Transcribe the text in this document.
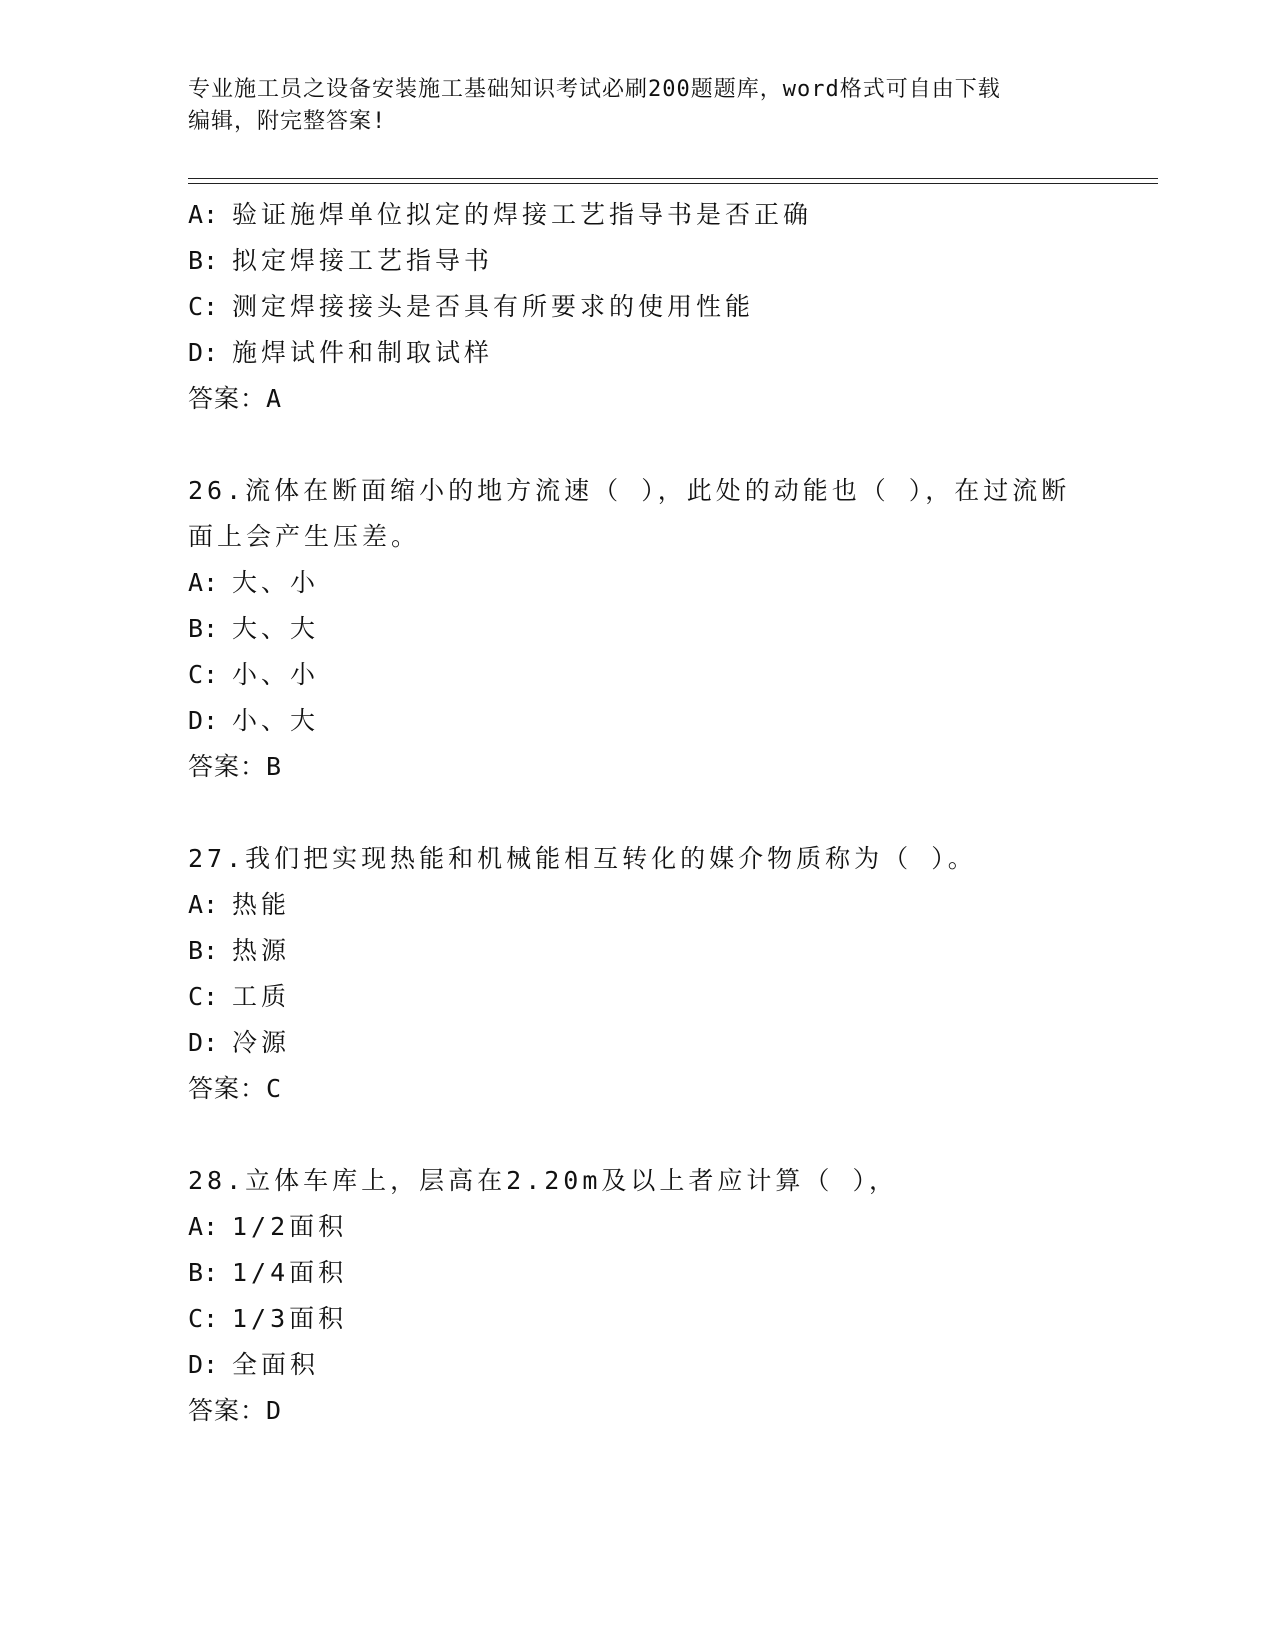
专业施工员之设备安装施工基础知识考试必刷200题题库，word格式可自由下载
编辑，附完整答案!
A: 验证施焊单位拟定的焊接工艺指导书是否正确
B: 拟定焊接工艺指导书
C: 测定焊接接头是否具有所要求的使用性能
D: 施焊试件和制取试样
答案：A
26.流体在断面缩小的地方流速（ ），此处的动能也（ ），在过流断
面上会产生压差。
A: 大、小
B: 大、大
C: 小、小
D: 小、大
答案：B
27.我们把实现热能和机械能相互转化的媒介物质称为（ ）。
A: 热能
B: 热源
C: 工质
D: 冷源
答案：C
28.立体车库上，层高在2.20m及以上者应计算（ ），
A: 1/2面积
B: 1/4面积
C: 1/3面积
D: 全面积
答案：D
